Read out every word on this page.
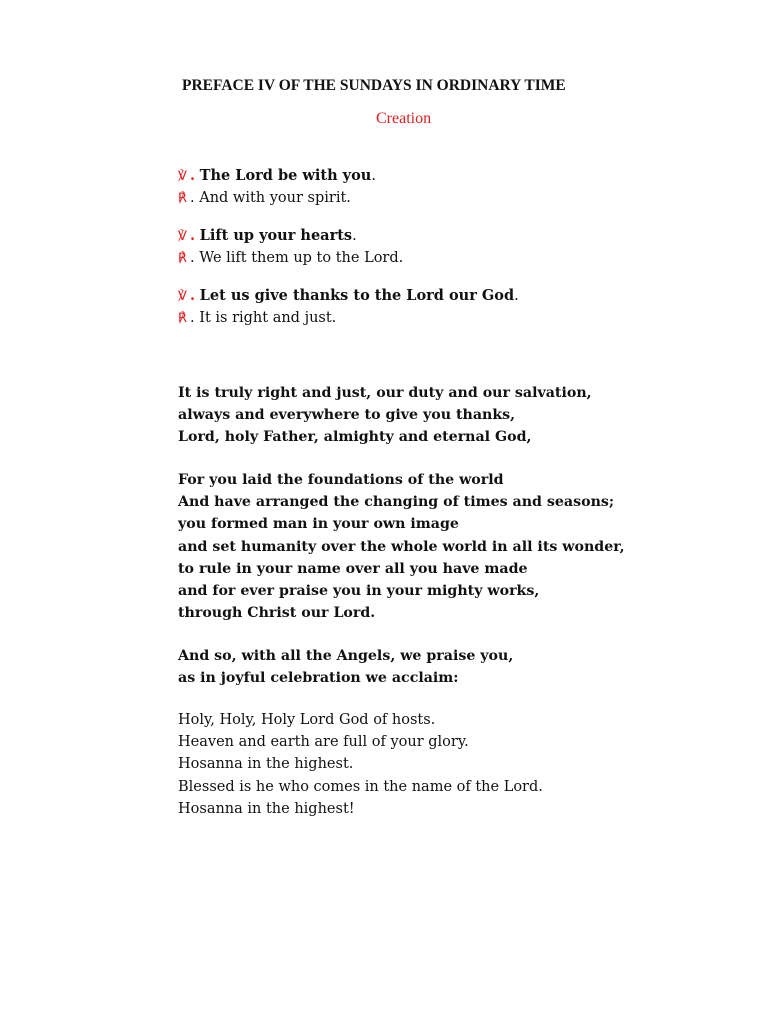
PREFACE IV OF THE SUNDAYS IN ORDINARY TIME
Creation
℣ . The Lord be with you.
℟ . And with your spirit.
℣ . Lift up your hearts.
℟ . We lift them up to the Lord.
℣ . Let us give thanks to the Lord our God.
℟ . It is right and just.
It is truly right and just, our duty and our salvation,
always and everywhere to give you thanks,
Lord, holy Father, almighty and eternal God,
For you laid the foundations of the world
And have arranged the changing of times and seasons;
you formed man in your own image
and set humanity over the whole world in all its wonder,
to rule in your name over all you have made
and for ever praise you in your mighty works,
through Christ our Lord.
And so, with all the Angels, we praise you,
as in joyful celebration we acclaim:
Holy, Holy, Holy Lord God of hosts.
Heaven and earth are full of your glory.
Hosanna in the highest.
Blessed is he who comes in the name of the Lord.
Hosanna in the highest!
